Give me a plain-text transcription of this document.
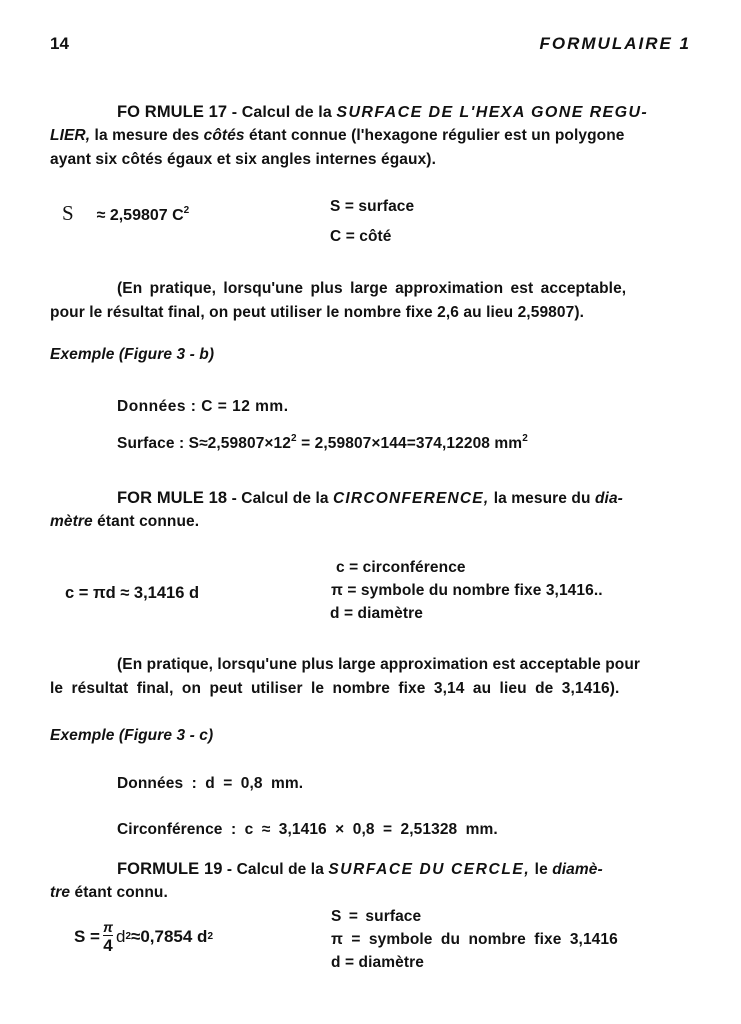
14	FORMULAIRE 1
FO RMULE 17 - Calcul de la SURFACE DE L'HEXA GONE REGU-
LIER, la mesure des côtés étant connue (l'hexagone régulier est un polygone
ayant six côtés égaux et six angles internes égaux).
S ≈ 2,59807 $C^2$	S = surface
C = côté
(En pratique, lorsqu'une plus large approximation est acceptable,
pour le résultat final, on peut utiliser le nombre fixe 2,6 au lieu 2,59807).
Exemple (Figure 3 - b)
Données : C = 12 mm.
Surface : $S\approx 2,59807\times 12^2 = 2,59807\times 144=374,12208$ $mm^2$
FOR MULE 18 - Calcul de la CIRCONFERENCE, la mesure du dia-
mètre étant connue.
c = πd ≈ 3,1416 d
c = circonférence
π = symbole du nombre fixe 3,1416..
d = diamètre
(En pratique, lorsqu'une plus large approximation est acceptable pour
le résultat final, on peut utiliser le nombre fixe 3,14 au lieu de 3,1416).
Exemple (Figure 3 - c)
Données : d = 0,8 mm.
Circonférence : c ≈ 3,1416 × 0,8 = 2,51328 mm.
FORMULE 19 - Calcul de la SURFACE DU CERCLE, le diamè-
tre étant connu.
$S = \frac{\pi}{4}$ d 2 ≈0,7854 d 2
S = surface
π = symbole du nombre fixe 3,1416
d = diamètre
